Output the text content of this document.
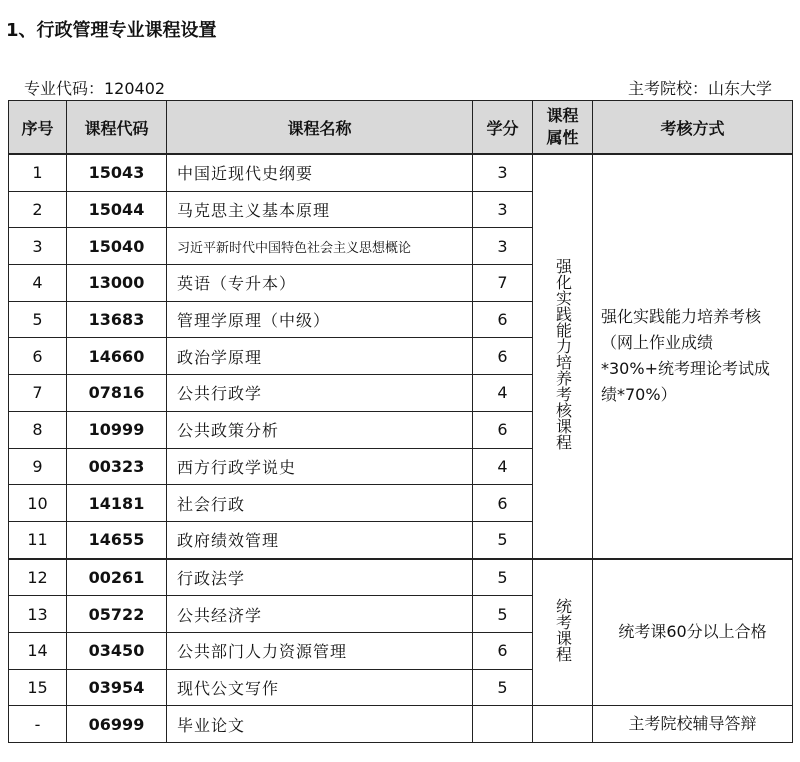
1、行政管理专业课程设置
专业代码：120402	主考院校：山东大学
序号	课程代码	课程名称	学分	课程属性	考核方式
1	15043	中国近现代史纲要	3	强化实践能力培养考核课程	强化实践能力培养考核（网上作业成绩*30%+统考理论考试成绩*70%）
2	15044	马克思主义基本原理	3		
3	15040	习近平新时代中国特色社会主义思想概论	3		
4	13000	英语（专升本）	7		
5	13683	管理学原理（中级）	6		
6	14660	政治学原理	6		
7	07816	公共行政学	4		
8	10999	公共政策分析	6		
9	00323	西方行政学说史	4		
10	14181	社会行政	6		
11	14655	政府绩效管理	5		
12	00261	行政法学	5	统考课程	统考课60分以上合格
13	05722	公共经济学	5		
14	03450	公共部门人力资源管理	6		
15	03954	现代公文写作	5		
-	06999	毕业论文			主考院校辅导答辩
